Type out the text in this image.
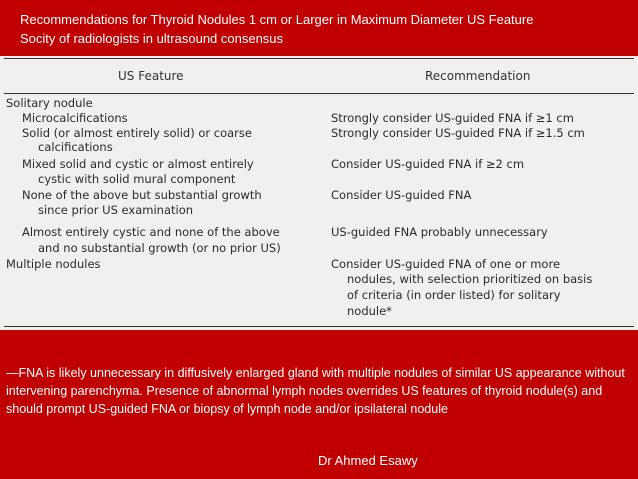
Recommendations for Thyroid Nodules 1 cm or Larger in Maximum Diameter US Feature
Socity of radiologists in ultrasound consensus
US Feature	Recommendation
Solitary nodule
Microcalcifications
Solid (or almost entirely solid) or coarse
calcifications
Mixed solid and cystic or almost entirely
cystic with solid mural component
None of the above but substantial growth
since prior US examination
Almost entirely cystic and none of the above
and no substantial growth (or no prior US)
Multiple nodules
Strongly consider US-guided FNA if ≥1 cm
Strongly consider US-guided FNA if ≥1.5 cm
Consider US-guided FNA if ≥2 cm
Consider US-guided FNA
US-guided FNA probably unnecessary
Consider US-guided FNA of one or more
nodules, with selection prioritized on basis
of criteria (in order listed) for solitary
nodule*

—FNA is likely unnecessary in diffusively enlarged gland with multiple nodules of similar US appearance without intervening parenchyma. Presence of abnormal lymph nodes overrides US features of thyroid nodule(s) and should prompt US-guided FNA or biopsy of lymph node and/or ipsilateral nodule

Dr Ahmed Esawy
